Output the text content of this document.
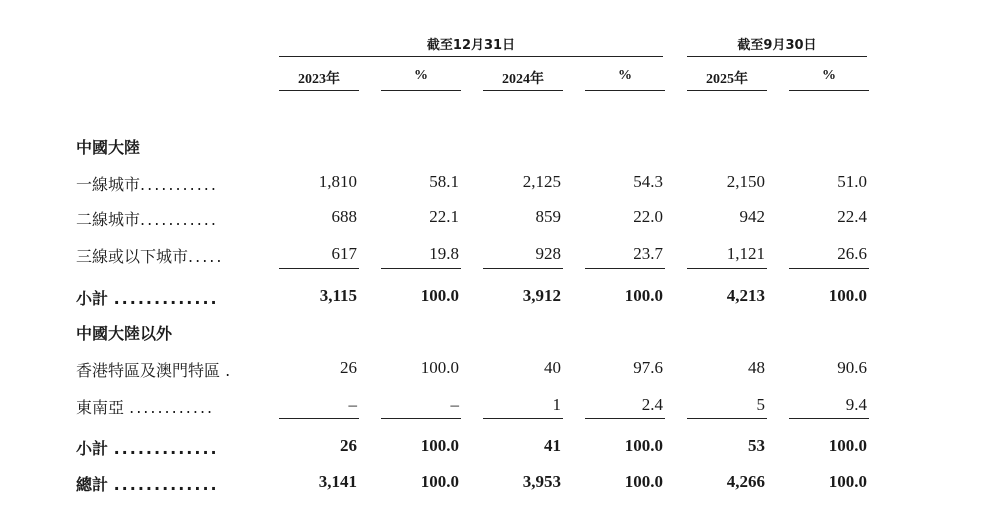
截至12月31日	截至9月30日
2023年	%	2024年	%	2025年	%
中國大陸
一線城市...........	1,810	58.1	2,125	54.3	2,150	51.0
二線城市...........	688	22.1	859	22.0	942	22.4
三線或以下城市.....	617	19.8	928	23.7	1,121	26.6
小計 .............	3,115	100.0	3,912	100.0	4,213	100.0
中國大陸以外
香港特區及澳門特區 .	26	100.0	40	97.6	48	90.6
東南亞 ............	–	–	1	2.4	5	9.4
小計 .............	26	100.0	41	100.0	53	100.0
總計 .............	3,141	100.0	3,953	100.0	4,266	100.0
